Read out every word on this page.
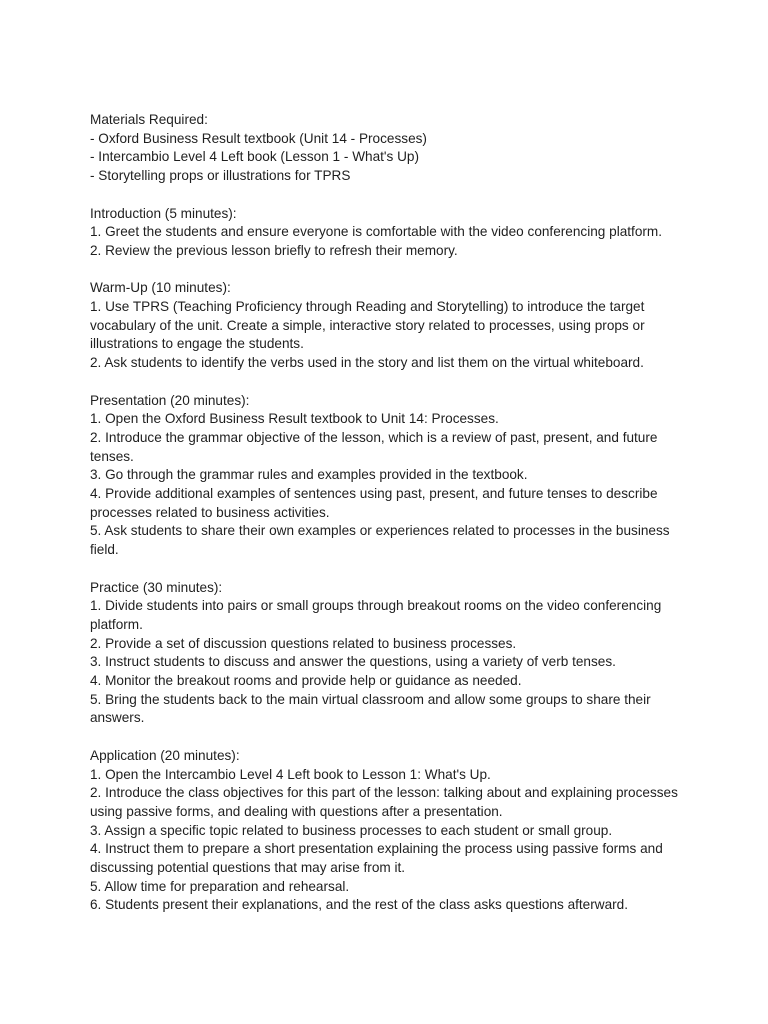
Materials Required:
- Oxford Business Result textbook (Unit 14 - Processes)
- Intercambio Level 4 Left book (Lesson 1 - What's Up)
- Storytelling props or illustrations for TPRS
Introduction (5 minutes):
1. Greet the students and ensure everyone is comfortable with the video conferencing platform.
2. Review the previous lesson briefly to refresh their memory.
Warm-Up (10 minutes):
1. Use TPRS (Teaching Proficiency through Reading and Storytelling) to introduce the target vocabulary of the unit. Create a simple, interactive story related to processes, using props or illustrations to engage the students.
2. Ask students to identify the verbs used in the story and list them on the virtual whiteboard.
Presentation (20 minutes):
1. Open the Oxford Business Result textbook to Unit 14: Processes.
2. Introduce the grammar objective of the lesson, which is a review of past, present, and future tenses.
3. Go through the grammar rules and examples provided in the textbook.
4. Provide additional examples of sentences using past, present, and future tenses to describe processes related to business activities.
5. Ask students to share their own examples or experiences related to processes in the business field.
Practice (30 minutes):
1. Divide students into pairs or small groups through breakout rooms on the video conferencing platform.
2. Provide a set of discussion questions related to business processes.
3. Instruct students to discuss and answer the questions, using a variety of verb tenses.
4. Monitor the breakout rooms and provide help or guidance as needed.
5. Bring the students back to the main virtual classroom and allow some groups to share their answers.
Application (20 minutes):
1. Open the Intercambio Level 4 Left book to Lesson 1: What's Up.
2. Introduce the class objectives for this part of the lesson: talking about and explaining processes using passive forms, and dealing with questions after a presentation.
3. Assign a specific topic related to business processes to each student or small group.
4. Instruct them to prepare a short presentation explaining the process using passive forms and discussing potential questions that may arise from it.
5. Allow time for preparation and rehearsal.
6. Students present their explanations, and the rest of the class asks questions afterward.
